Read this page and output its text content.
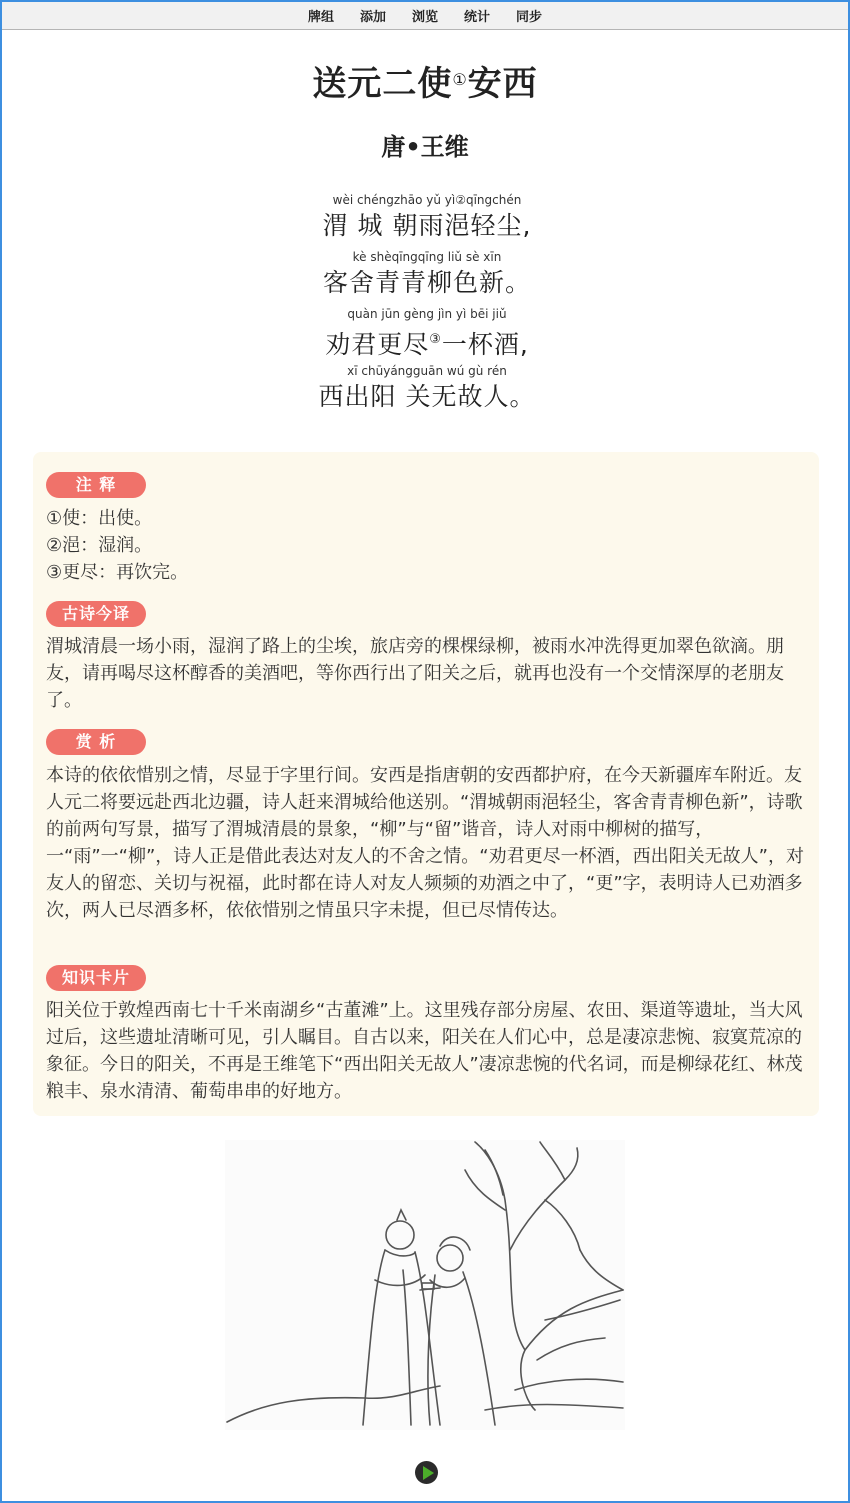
牌组 添加 浏览 统计 同步
送元二使①安西
唐•王维
wèi chéngzhāo yǔ yì②qīngchén
渭 城 朝雨浥轻尘,
kè shèqīngqīng liǔ sè xīn
客舍青青柳色新。
quàn jūn gèng jìn yì bēi jiǔ
劝君更尽③一杯酒,
xī chūyángguān wú gù rén
西出阳 关无故人。
注 释
①使：出使。
②浥：湿润。
③更尽：再饮完。
古诗今译
渭城清晨一场小雨，湿润了路上的尘埃，旅店旁的棵棵绿柳，被雨水冲洗得更加翠色欲滴。朋友，请再喝尽这杯醇香的美酒吧，等你西行出了阳关之后，就再也没有一个交情深厚的老朋友了。
赏 析
本诗的依依惜别之情，尽显于字里行间。安西是指唐朝的安西都护府，在今天新疆库车附近。友人元二将要远赴西北边疆，诗人赶来渭城给他送别。“渭城朝雨浥轻尘，客舍青青柳色新”，诗歌的前两句写景，描写了渭城清晨的景象，“柳”与“留”谐音，诗人对雨中柳树的描写，一“雨”一“柳”，诗人正是借此表达对友人的不舍之情。“劝君更尽一杯酒，西出阳关无故人”，对友人的留恋、关切与祝福，此时都在诗人对友人频频的劝酒之中了，“更”字，表明诗人已劝酒多次，两人已尽酒多杯，依依惜别之情虽只字未提，但已尽情传达。
知识卡片
阳关位于敦煌西南七十千米南湖乡“古董滩”上。这里残存部分房屋、农田、渠道等遗址，当大风过后，这些遗址清晰可见，引人瞩目。自古以来，阳关在人们心中，总是凄凉悲惋、寂寞荒凉的象征。今日的阳关，不再是王维笔下“西出阳关无故人”凄凉悲惋的代名词，而是柳绿花红、林茂粮丰、泉水清清、葡萄串串的好地方。
